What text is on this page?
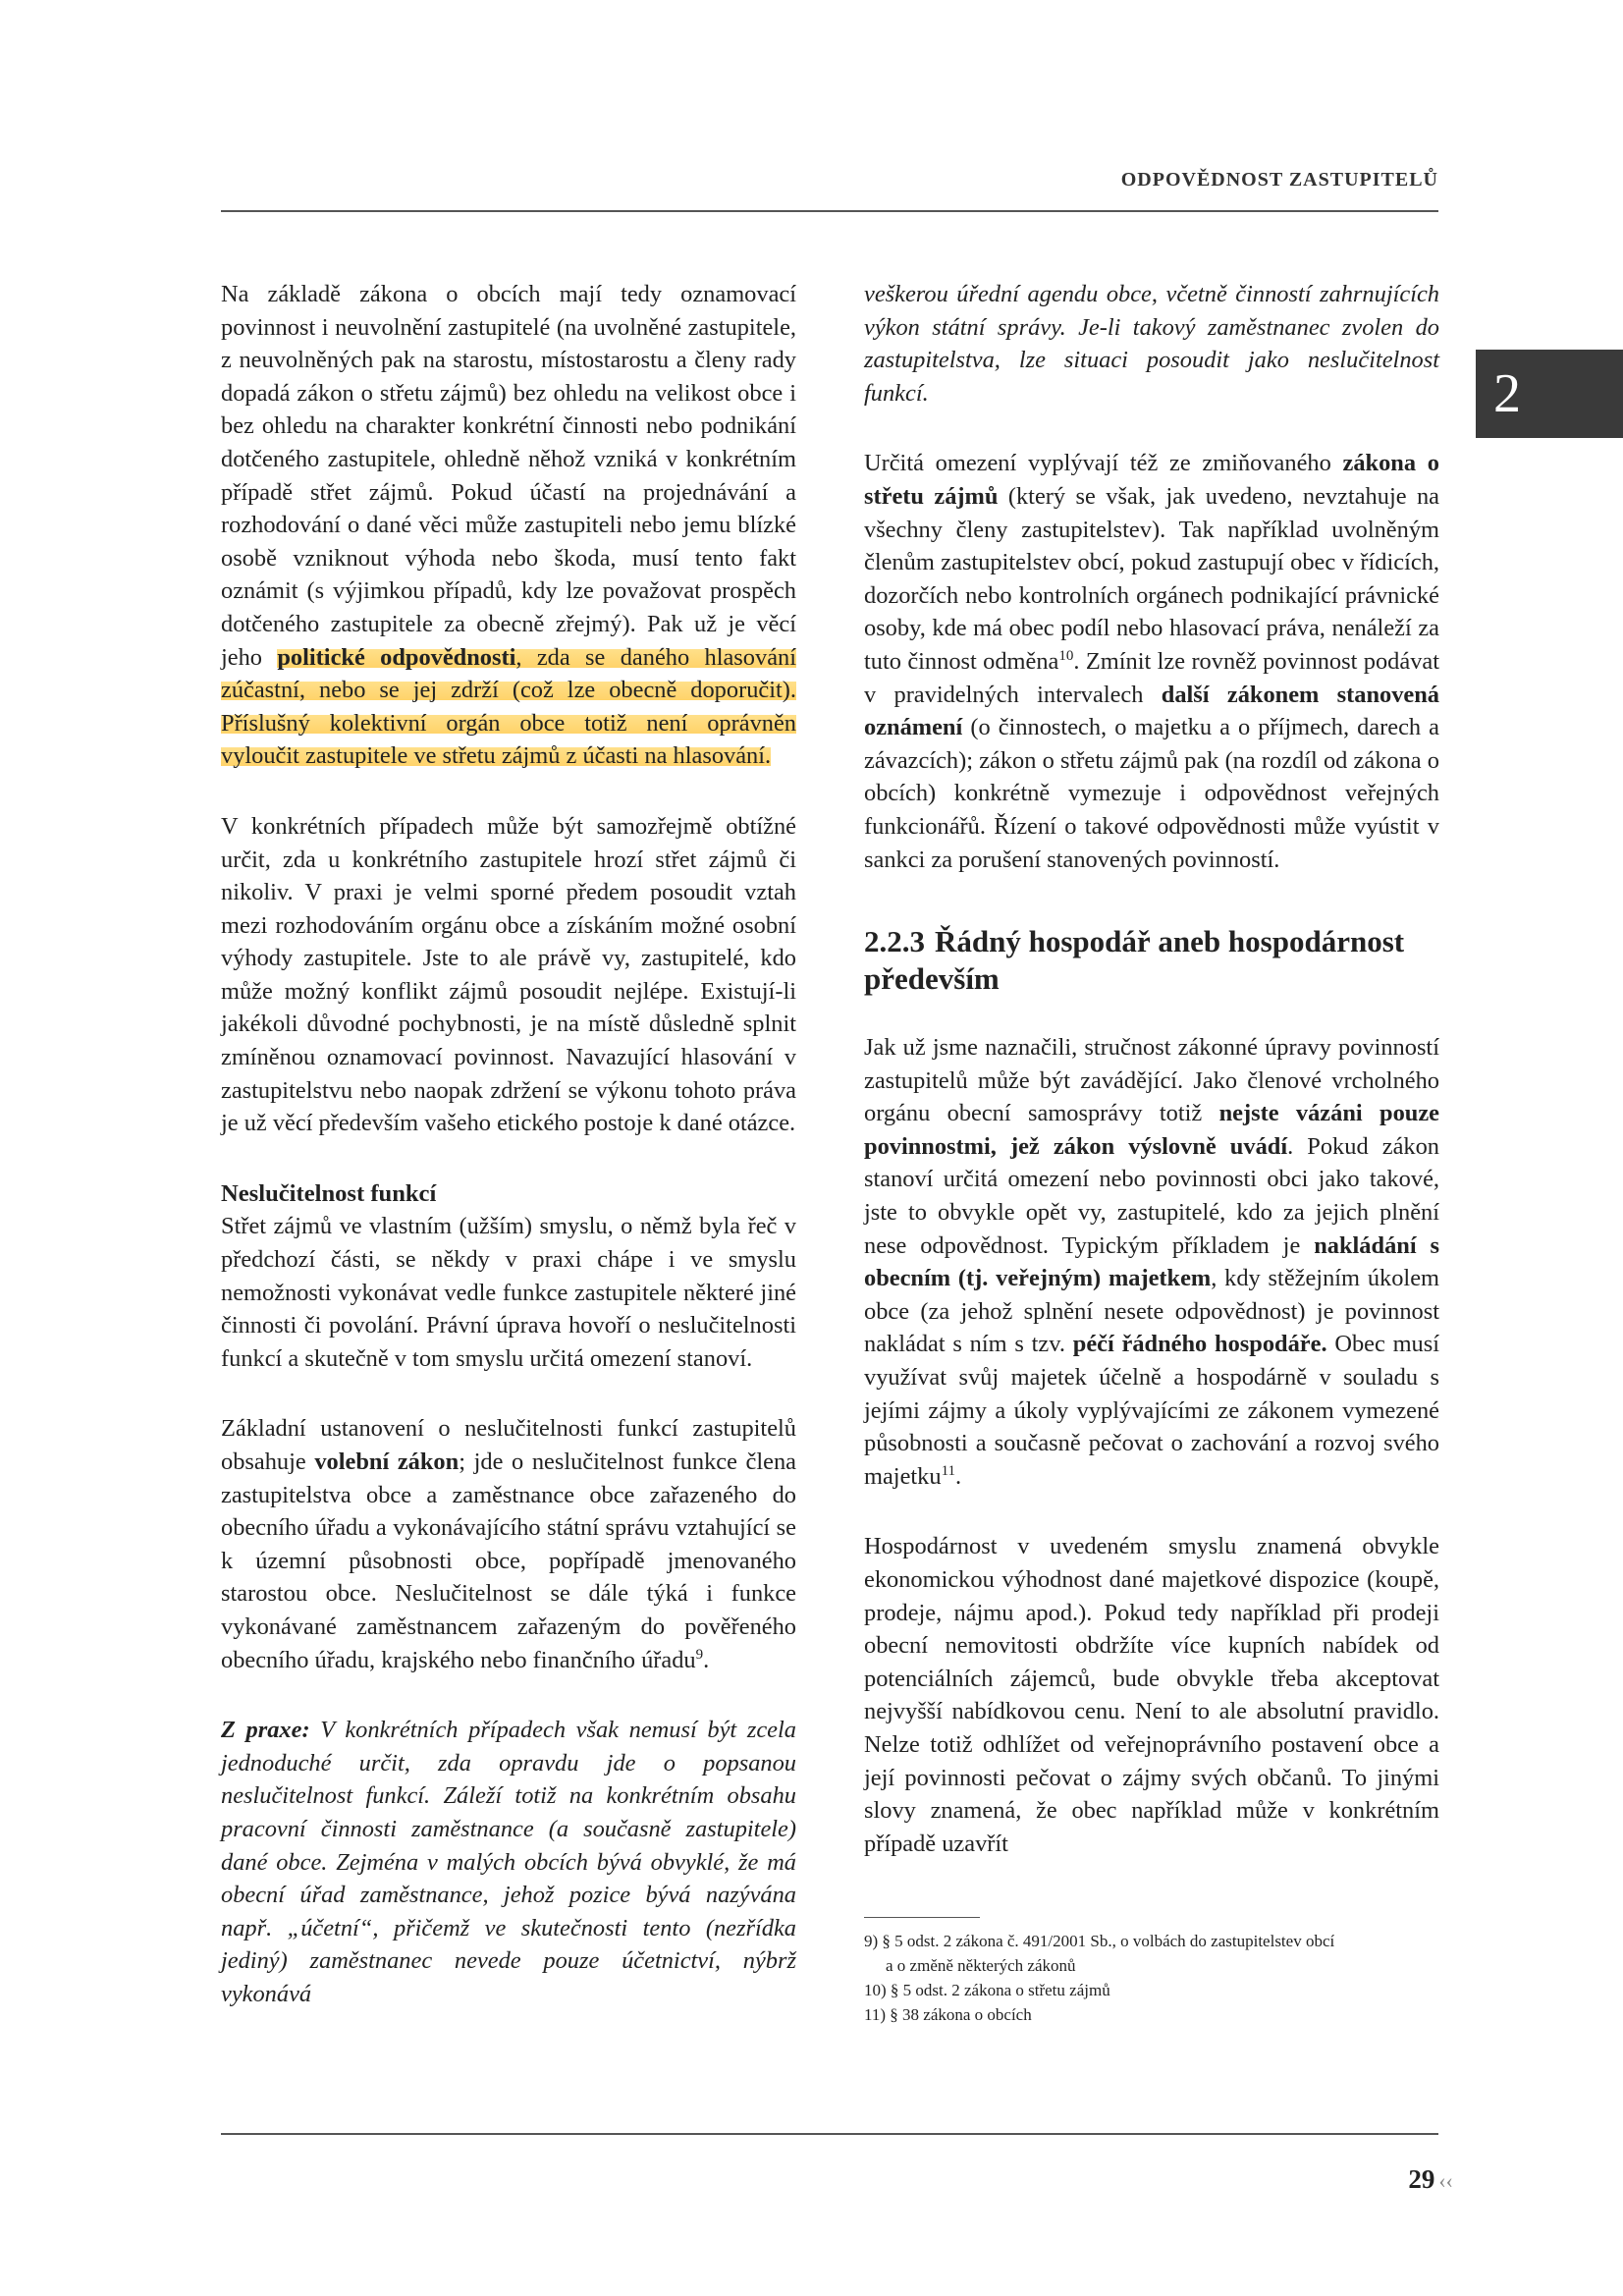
ODPOVĚDNOST ZASTUPITELŮ
2

Na základě zákona o obcích mají tedy oznamovací povinnost i neuvolnění zastupitelé (na uvolněné zastupitele, z neuvolněných pak na starostu, místostarostu a členy rady dopadá zákon o střetu zájmů) bez ohledu na velikost obce i bez ohledu na charakter konkrétní činnosti nebo podnikání dotčeného zastupitele, ohledně něhož vzniká v konkrétním případě střet zájmů. Pokud účastí na projednávání a rozhodování o dané věci může zastupiteli nebo jemu blízké osobě vzniknout výhoda nebo škoda, musí tento fakt oznámit (s výjimkou případů, kdy lze považovat prospěch dotčeného zastupitele za obecně zřejmý). Pak už je věcí jeho politické odpovědnosti, zda se daného hlasování zúčastní, nebo se jej zdrží (což lze obecně doporučit). Příslušný kolektivní orgán obce totiž není oprávněn vyloučit zastupitele ve střetu zájmů z účasti na hlasování.

V konkrétních případech může být samozřejmě obtížné určit, zda u konkrétního zastupitele hrozí střet zájmů či nikoliv. V praxi je velmi sporné předem posoudit vztah mezi rozhodováním orgánu obce a získáním možné osobní výhody zastupitele. Jste to ale právě vy, zastupitelé, kdo může možný konflikt zájmů posoudit nejlépe. Existují-li jakékoli důvodné pochybnosti, je na místě důsledně splnit zmíněnou oznamovací povinnost. Navazující hlasování v zastupitelstvu nebo naopak zdržení se výkonu tohoto práva je už věcí především vašeho etického postoje k dané otázce.

Neslučitelnost funkcí

Střet zájmů ve vlastním (užším) smyslu, o němž byla řeč v předchozí části, se někdy v praxi chápe i ve smyslu nemožnosti vykonávat vedle funkce zastupitele některé jiné činnosti či povolání. Právní úprava hovoří o neslučitelnosti funkcí a skutečně v tom smyslu určitá omezení stanoví.

Základní ustanovení o neslučitelnosti funkcí zastupitelů obsahuje volební zákon; jde o neslučitelnost funkce člena zastupitelstva obce a zaměstnance obce zařazeného do obecního úřadu a vykonávajícího státní správu vztahující se k územní působnosti obce, popřípadě jmenovaného starostou obce. Neslučitelnost se dále týká i funkce vykonávané zaměstnancem zařazeným do pověřeného obecního úřadu, krajského nebo finančního úřadu$^9$.

Z praxe: V konkrétních případech však nemusí být zcela jednoduché určit, zda opravdu jde o popsanou neslučitelnost funkcí. Záleží totiž na konkrétním obsahu pracovní činnosti zaměstnance (a současně zastupitele) dané obce. Zejména v malých obcích bývá obvyklé, že má obecní úřad zaměstnance, jehož pozice bývá nazývána např. „účetní“, přičemž ve skutečnosti tento (nezřídka jediný) zaměstnanec nevede pouze účetnictví, nýbrž vykonává

veškerou úřední agendu obce, včetně činností zahrnujících výkon státní správy. Je-li takový zaměstnanec zvolen do zastupitelstva, lze situaci posoudit jako neslučitelnost funkcí.

Určitá omezení vyplývají též ze zmiňovaného zákona o střetu zájmů (který se však, jak uvedeno, nevztahuje na všechny členy zastupitelstev). Tak například uvolněným členům zastupitelstev obcí, pokud zastupují obec v řídicích, dozorčích nebo kontrolních orgánech podnikající právnické osoby, kde má obec podíl nebo hlasovací práva, nenáleží za tuto činnost odměna$^{10}$. Zmínit lze rovněž povinnost podávat v pravidelných intervalech další zákonem stanovená oznámení (o činnostech, o majetku a o příjmech, darech a závazcích); zákon o střetu zájmů pak (na rozdíl od zákona o obcích) konkrétně vymezuje i odpovědnost veřejných funkcionářů. Řízení o takové odpovědnosti může vyústit v sankci za porušení stanovených povinností.

2.2.3 Řádný hospodář aneb hospodárnost především

Jak už jsme naznačili, stručnost zákonné úpravy povinností zastupitelů může být zavádějící. Jako členové vrcholného orgánu obecní samosprávy totiž nejste vázáni pouze povinnostmi, jež zákon výslovně uvádí. Pokud zákon stanoví určitá omezení nebo povinnosti obci jako takové, jste to obvykle opět vy, zastupitelé, kdo za jejich plnění nese odpovědnost. Typickým příkladem je nakládání s obecním (tj. veřejným) majetkem, kdy stěžejním úkolem obce (za jehož splnění nesete odpovědnost) je povinnost nakládat s ním s tzv. péčí řádného hospodáře. Obec musí využívat svůj majetek účelně a hospodárně v souladu s jejími zájmy a úkoly vyplývajícími ze zákonem vymezené působnosti a současně pečovat o zachování a rozvoj svého majetku$^{11}$.

Hospodárnost v uvedeném smyslu znamená obvykle ekonomickou výhodnost dané majetkové dispozice (koupě, prodeje, nájmu apod.). Pokud tedy například při prodeji obecní nemovitosti obdržíte více kupních nabídek od potenciálních zájemců, bude obvykle třeba akceptovat nejvyšší nabídkovou cenu. Není to ale absolutní pravidlo. Nelze totiž odhlížet od veřejnoprávního postavení obce a její povinnosti pečovat o zájmy svých občanů. To jinými slovy znamená, že obec například může v konkrétním případě uzavřít

9) § 5 odst. 2 zákona č. 491/2001 Sb., o volbách do zastupitelstev obcí
a o změně některých zákonů
10) § 5 odst. 2 zákona o střetu zájmů
11) § 38 zákona o obcích
29 ‹‹
